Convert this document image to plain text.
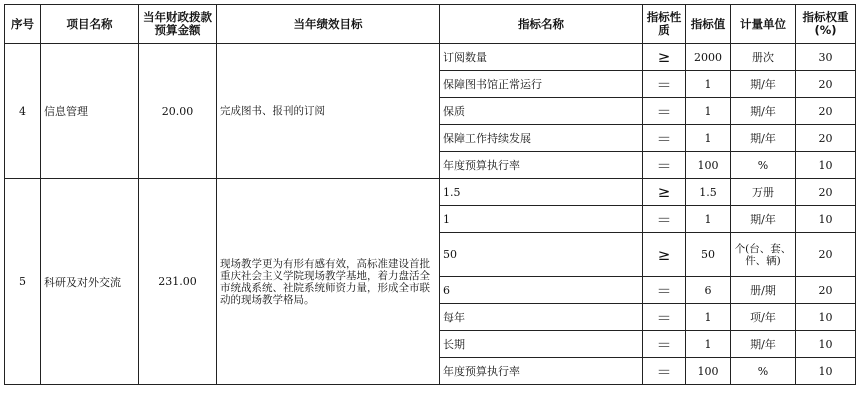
序号	项目名称	当年财政拨款预算金额	当年绩效目标	指标名称	指标性质	指标值	计量单位	指标权重(%)
4	信息管理	20.00	完成图书、报刊的订阅	订阅数量	≥	2000	册次	30
				保障图书馆正常运行	＝	1	期/年	20
				保质	＝	1	期/年	20
				保障工作持续发展	＝	1	期/年	20
				年度预算执行率	＝	100	%	10
5	科研及对外交流	231.00	现场教学更为有形有感有效，高标准建设首批重庆社会主义学院现场教学基地，着力盘活全市统战系统、社院系统师资力量，形成全市联动的现场教学格局。	1.5	≥	1.5	万册	20
				1	＝	1	期/年	10
				50	≥	50	个(台、套、件、辆)	20
				6	＝	6	册/期	20
				每年	＝	1	项/年	10
				长期	＝	1	期/年	10
				年度预算执行率	＝	100	%	10
